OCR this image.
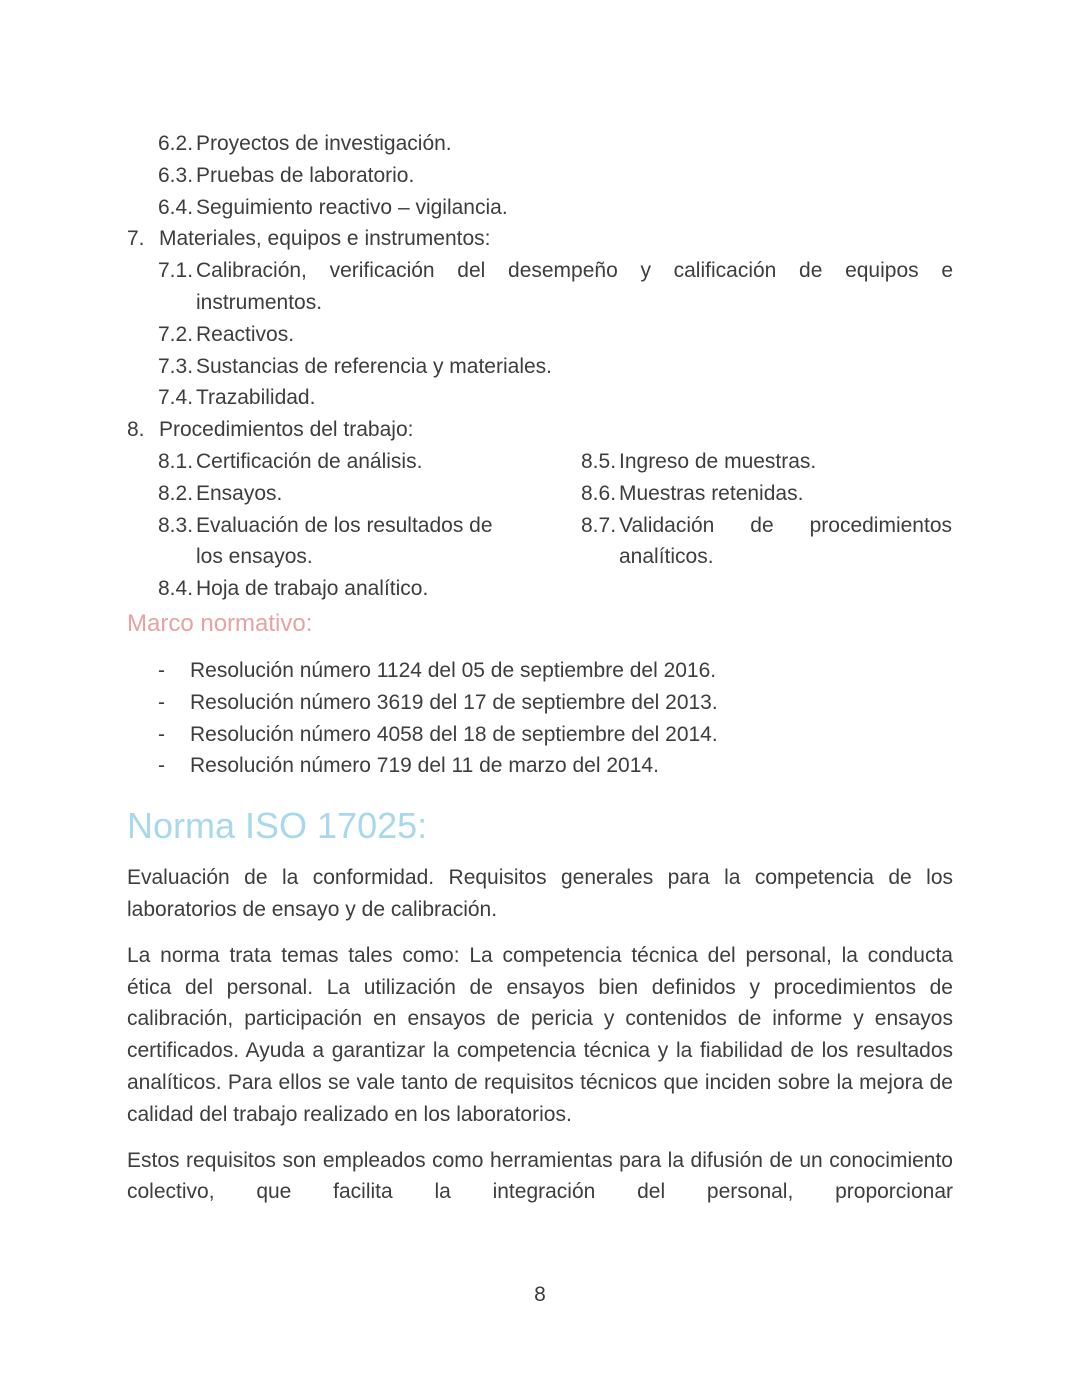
6.2. Proyectos de investigación.
6.3. Pruebas de laboratorio.
6.4. Seguimiento reactivo – vigilancia.
7. Materiales, equipos e instrumentos:
7.1. Calibración, verificación del desempeño y calificación de equipos e
instrumentos.
7.2. Reactivos.
7.3. Sustancias de referencia y materiales.
7.4. Trazabilidad.
8. Procedimientos del trabajo:
8.1. Certificación de análisis.
8.2. Ensayos.
8.3. Evaluación de los resultados de
los ensayos.
8.4. Hoja de trabajo analítico.
8.5. Ingreso de muestras.
8.6. Muestras retenidas.
8.7. Validación de procedimientos
analíticos.
Marco normativo:
-	Resolución número 1124 del 05 de septiembre del 2016.
-	Resolución número 3619 del 17 de septiembre del 2013.
-	Resolución número 4058 del 18 de septiembre del 2014.
-	Resolución número 719 del 11 de marzo del 2014.
Norma ISO 17025:

Evaluación de la conformidad. Requisitos generales para la competencia de los laboratorios de ensayo y de calibración.

La norma trata temas tales como: La competencia técnica del personal, la conducta ética del personal. La utilización de ensayos bien definidos y procedimientos de calibración, participación en ensayos de pericia y contenidos de informe y ensayos certificados. Ayuda a garantizar la competencia técnica y la fiabilidad de los resultados analíticos. Para ellos se vale tanto de requisitos técnicos que inciden sobre la mejora de calidad del trabajo realizado en los laboratorios.

Estos requisitos son empleados como herramientas para la difusión de un conocimiento colectivo, que facilita la integración del personal, proporcionar

8
